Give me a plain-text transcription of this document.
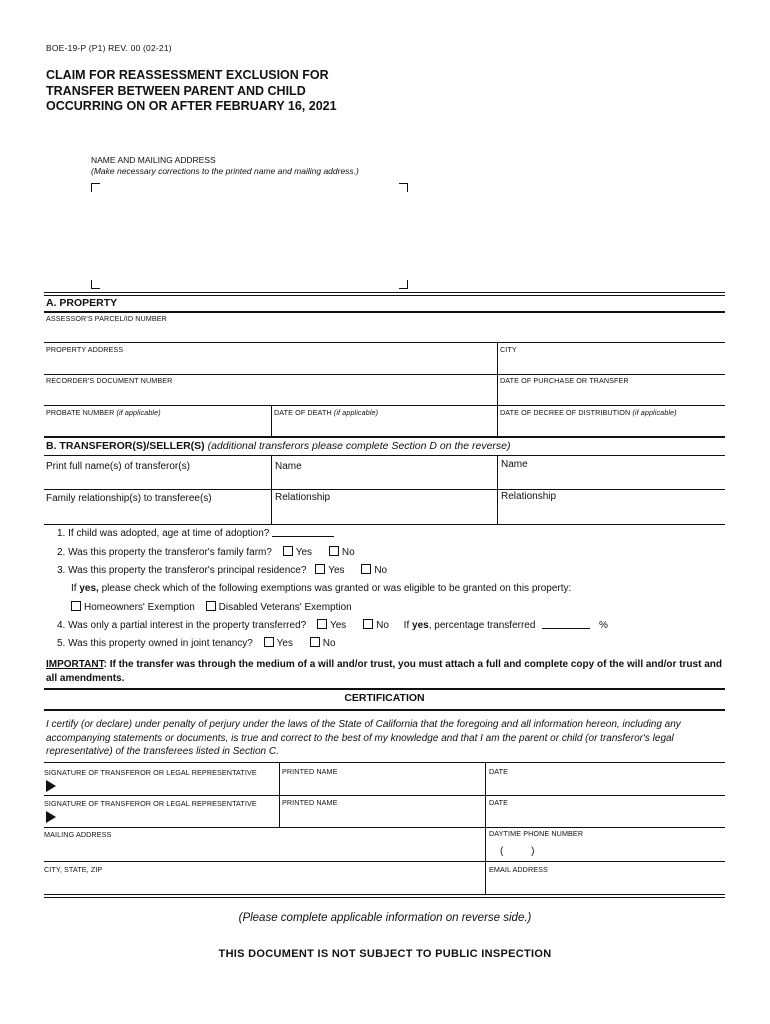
BOE-19-P (P1) REV. 00 (02-21)
CLAIM FOR REASSESSMENT EXCLUSION FOR
TRANSFER BETWEEN PARENT AND CHILD
OCCURRING ON OR AFTER FEBRUARY 16, 2021
NAME AND MAILING ADDRESS
(Make necessary corrections to the printed name and mailing address.)
A. PROPERTY
ASSESSOR'S PARCEL/ID NUMBER
PROPERTY ADDRESS	CITY
RECORDER'S DOCUMENT NUMBER	DATE OF PURCHASE OR TRANSFER
PROBATE NUMBER (if applicable)	DATE OF DEATH (if applicable)	DATE OF DECREE OF DISTRIBUTION (if applicable)
B. TRANSFEROR(S)/SELLER(S) (additional transferors please complete Section D on the reverse)
Print full name(s) of transferor(s)	Name	Name
Family relationship(s) to transferee(s)	Relationship	Relationship
1. If child was adopted, age at time of adoption?
2. Was this property the transferor's family farm? Yes	No
3. Was this property the transferor's principal residence? Yes	No
If yes, please check which of the following exemptions was granted or was eligible to be granted on this property:
Homeowners' Exemption Disabled Veterans' Exemption
4. Was only a partial interest in the property transferred? Yes	No If yes, percentage transferred	%
5. Was this property owned in joint tenancy? Yes	No
IMPORTANT: If the transfer was through the medium of a will and/or trust, you must attach a full and complete copy of the will and/or trust and all amendments.
CERTIFICATION
I certify (or declare) under penalty of perjury under the laws of the State of California that the foregoing and all information hereon, including any accompanying statements or documents, is true and correct to the best of my knowledge and that I am the parent or child (or transferor's legal representative) of the transferees listed in Section C.
SIGNATURE OF TRANSFEROR OR LEGAL REPRESENTATIVE	PRINTED NAME	DATE
SIGNATURE OF TRANSFEROR OR LEGAL REPRESENTATIVE	PRINTED NAME	DATE
MAILING ADDRESS	DAYTIME PHONE NUMBER
(          )
CITY, STATE, ZIP	EMAIL ADDRESS
(Please complete applicable information on reverse side.)
THIS DOCUMENT IS NOT SUBJECT TO PUBLIC INSPECTION
